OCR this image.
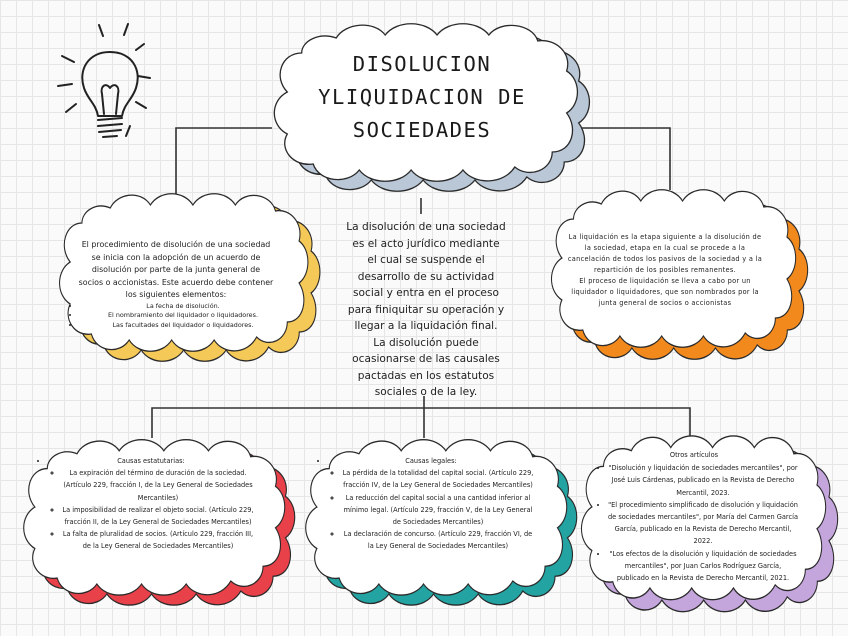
DISOLUCION
YLIQUIDACION DE
SOCIEDADES
La disolución de una sociedad
es el acto jurídico mediante
el cual se suspende el
desarrollo de su actividad
social y entra en el proceso
para finiquitar su operación y
llegar a la liquidación final.
La disolución puede
ocasionarse de las causales
pactadas en los estatutos
sociales o de la ley.
El procedimiento de disolución de una sociedad
se inicia con la adopción de un acuerdo de
disolución por parte de la junta general de
socios o accionistas. Este acuerdo debe contener
los siguientes elementos:
• La fecha de disolución.
• El nombramiento del liquidador o liquidadores.
• Las facultades del liquidador o liquidadores.
La liquidación es la etapa siguiente a la disolución de
la sociedad, etapa en la cual se procede a la
cancelación de todos los pasivos de la sociedad y a la
repartición de los posibles remanentes.
El proceso de liquidación se lleva a cabo por un
liquidador o liquidadores, que son nombrados por la
junta general de socios o accionistas
• Causas estatutarias:
◦ La expiración del término de duración de la sociedad. (Artículo 229, fracción I, de la Ley General de Sociedades Mercantiles)
◦ La imposibilidad de realizar el objeto social. (Artículo 229, fracción II, de la Ley General de Sociedades Mercantiles)
◦ La falta de pluralidad de socios. (Artículo 229, fracción III, de la Ley General de Sociedades Mercantiles)
• Causas legales:
◦ La pérdida de la totalidad del capital social. (Artículo 229, fracción IV, de la Ley General de Sociedades Mercantiles)
◦ La reducción del capital social a una cantidad inferior al mínimo legal. (Artículo 229, fracción V, de la Ley General de Sociedades Mercantiles)
◦ La declaración de concurso. (Artículo 229, fracción VI, de la Ley General de Sociedades Mercantiles)
Otros artículos
• "Disolución y liquidación de sociedades mercantiles", por José Luis Cárdenas, publicado en la Revista de Derecho Mercantil, 2023.
• "El procedimiento simplificado de disolución y liquidación de sociedades mercantiles", por María del Carmen García García, publicado en la Revista de Derecho Mercantil, 2022.
• "Los efectos de la disolución y liquidación de sociedades mercantiles", por Juan Carlos Rodríguez García, publicado en la Revista de Derecho Mercantil, 2021.
